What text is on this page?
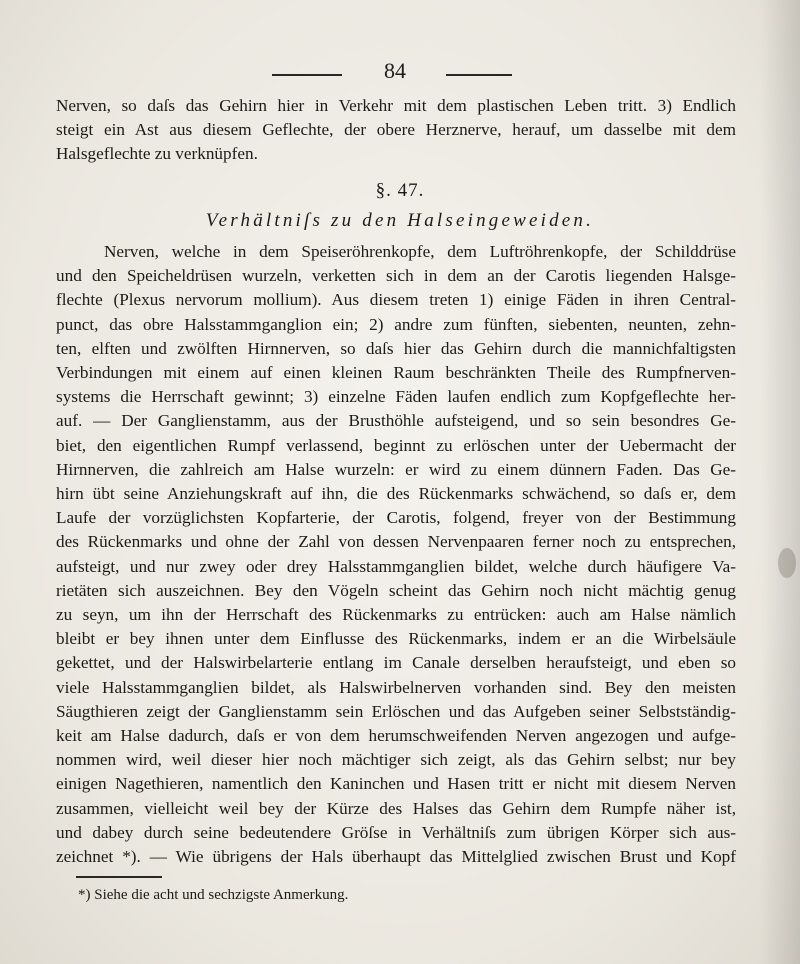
84
Nerven, so daſs das Gehirn hier in Verkehr mit dem plastischen Leben tritt. 3) Endlich
steigt ein Ast aus diesem Geflechte, der obere Herznerve, herauf, um dasselbe mit dem
Halsgeflechte zu verknüpfen.
§. 47.
Verhältniſs zu den Halseingeweiden.
Nerven, welche in dem Speiseröhrenkopfe, dem Luftröhrenkopfe, der Schilddrüse
und den Speicheldrüsen wurzeln, verketten sich in dem an der Carotis liegenden Halsge-
flechte (Plexus nervorum mollium). Aus diesem treten 1) einige Fäden in ihren Central-
punct, das obre Halsstammganglion ein; 2) andre zum fünften, siebenten, neunten, zehn-
ten, elften und zwölften Hirnnerven, so daſs hier das Gehirn durch die mannichfaltigsten
Verbindungen mit einem auf einen kleinen Raum beschränkten Theile des Rumpfnerven-
systems die Herrschaft gewinnt; 3) einzelne Fäden laufen endlich zum Kopfgeflechte her-
auf. — Der Ganglienstamm, aus der Brusthöhle aufsteigend, und so sein besondres Ge-
biet, den eigentlichen Rumpf verlassend, beginnt zu erlöschen unter der Uebermacht der
Hirnnerven, die zahlreich am Halse wurzeln: er wird zu einem dünnern Faden. Das Ge-
hirn übt seine Anziehungskraft auf ihn, die des Rückenmarks schwächend, so daſs er, dem
Laufe der vorzüglichsten Kopfarterie, der Carotis, folgend, freyer von der Bestimmung
des Rückenmarks und ohne der Zahl von dessen Nervenpaaren ferner noch zu entsprechen,
aufsteigt, und nur zwey oder drey Halsstammganglien bildet, welche durch häufigere Va-
rietäten sich auszeichnen. Bey den Vögeln scheint das Gehirn noch nicht mächtig genug
zu seyn, um ihn der Herrschaft des Rückenmarks zu entrücken: auch am Halse nämlich
bleibt er bey ihnen unter dem Einflusse des Rückenmarks, indem er an die Wirbelsäule
gekettet, und der Halswirbelarterie entlang im Canale derselben heraufsteigt, und eben so
viele Halsstammganglien bildet, als Halswirbelnerven vorhanden sind. Bey den meisten
Säugthieren zeigt der Ganglienstamm sein Erlöschen und das Aufgeben seiner Selbstständig-
keit am Halse dadurch, daſs er von dem herumschweifenden Nerven angezogen und aufge-
nommen wird, weil dieser hier noch mächtiger sich zeigt, als das Gehirn selbst; nur bey
einigen Nagethieren, namentlich den Kaninchen und Hasen tritt er nicht mit diesem Nerven
zusammen, vielleicht weil bey der Kürze des Halses das Gehirn dem Rumpfe näher ist,
und dabey durch seine bedeutendere Gröſse in Verhältniſs zum übrigen Körper sich aus-
zeichnet *). — Wie übrigens der Hals überhaupt das Mittelglied zwischen Brust und Kopf
*) Siehe die acht und sechzigste Anmerkung.
